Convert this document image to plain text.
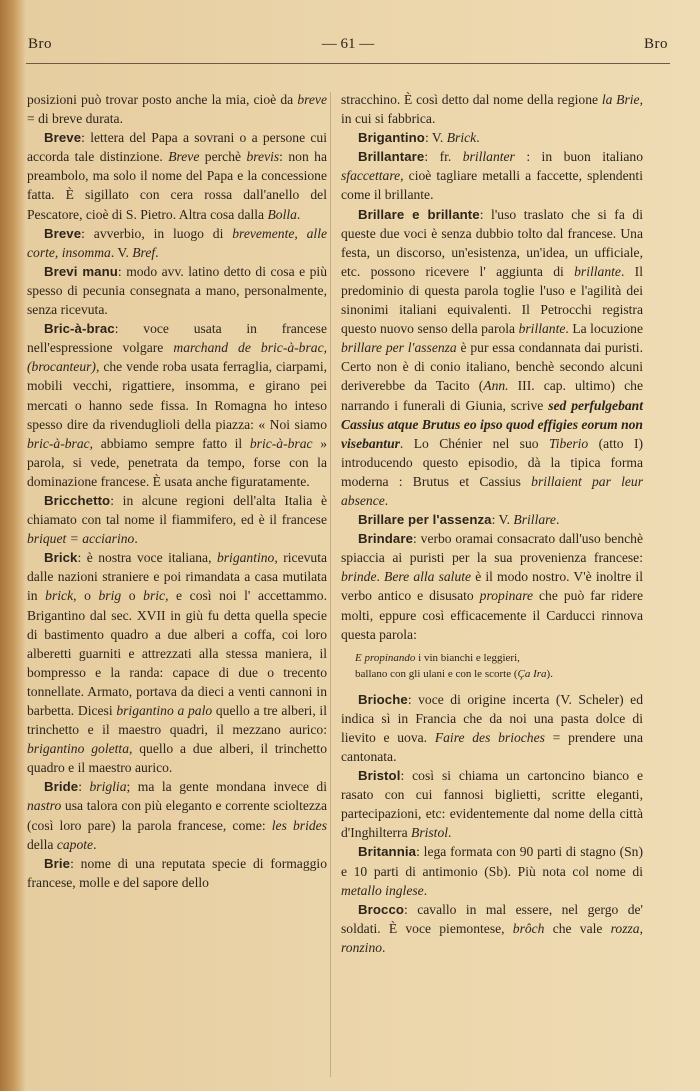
Bro	— 61 —	Bro

posizioni può trovar posto anche la mia, cioè da breve = di breve durata.

Breve: lettera del Papa a sovrani o a persone cui accorda tale distinzione. Breve perchè brevis: non ha preambolo, ma solo il nome del Papa e la concessione fatta. È sigillato con cera rossa dall'anello del Pescatore, cioè di S. Pietro. Altra cosa dalla Bolla.

Breve: avverbio, in luogo di brevemente, alle corte, insomma. V. Bref.

Brevi manu: modo avv. latino detto di cosa e più spesso di pecunia consegnata a mano, personalmente, senza ricevuta.

Bric-à-brac: voce usata in francese nell'espressione volgare marchand de bric-à-brac, (brocanteur), che vende roba usata ferraglia, ciarpami, mobili vecchi, rigattiere, insomma, e girano pei mercati o hanno sede fissa. In Romagna ho inteso spesso dire da rivenduglioli della piazza: « Noi siamo bric-à-brac, abbiamo sempre fatto il bric-à-brac » parola, si vede, penetrata da tempo, forse con la dominazione francese. È usata anche figuratamente.

Bricchetto: in alcune regioni dell'alta Italia è chiamato con tal nome il fiammifero, ed è il francese briquet = acciarino.

Brick: è nostra voce italiana, brigantino, ricevuta dalle nazioni straniere e poi rimandata a casa mutilata in brick, o brig o bric, e così noi l' accettammo. Brigantino dal sec. XVII in giù fu detta quella specie di bastimento quadro a due alberi a coffa, coi loro alberetti guarniti e attrezzati alla stessa maniera, il bompresso e la randa: capace di due o trecento tonnellate. Armato, portava da dieci a venti cannoni in barbetta. Dicesi brigantino a palo quello a tre alberi, il trinchetto e il maestro quadri, il mezzano aurico: brigantino goletta, quello a due alberi, il trinchetto quadro e il maestro aurico.

Bride: briglia; ma la gente mondana invece di nastro usa talora con più eleganto e corrente scioltezza (così loro pare) la parola francese, come: les brides della capote.

Brie: nome di una reputata specie di formaggio francese, molle e del sapore dello

stracchino. È così detto dal nome della regione la Brie, in cui si fabbrica.

Brigantino: V. Brick.

Brillantare: fr. brillanter : in buon italiano sfaccettare, cioè tagliare metalli a faccette, splendenti come il brillante.

Brillare e brillante: l'uso traslato che si fa di queste due voci è senza dubbio tolto dal francese. Una festa, un discorso, un'esistenza, un'idea, un ufficiale, etc. possono ricevere l' aggiunta di brillante. Il predominio di questa parola toglie l'uso e l'agilità dei sinonimi italiani equivalenti. Il Petrocchi registra questo nuovo senso della parola brillante. La locuzione brillare per l'assenza è pur essa condannata dai puristi. Certo non è di conio italiano, benchè secondo alcuni deriverebbe da Tacito (Ann. III. cap. ultimo) che narrando i funerali di Giunia, scrive sed perfulgebant Cassius atque Brutus eo ipso quod effigies eorum non visebantur. Lo Chénier nel suo Tiberio (atto I) introducendo questo episodio, dà la tipica forma moderna : Brutus et Cassius brillaient par leur absence.

Brillare per l'assenza: V. Brillare.

Brindare: verbo oramai consacrato dall'uso benchè spiaccia ai puristi per la sua provenienza francese: brinde. Bere alla salute è il modo nostro. V'è inoltre il verbo antico e disusato propinare che può far ridere molti, eppure così efficacemente il Carducci rinnova questa parola:

E propinando i vin bianchi e leggieri,

ballano con gli ulani e con le scorte (Ça Ira).

Brioche: voce di origine incerta (V. Scheler) ed indica sì in Francia che da noi una pasta dolce di lievito e uova. Faire des brioches = prendere una cantonata.

Bristol: così si chiama un cartoncino bianco e rasato con cui fannosi biglietti, scritte eleganti, partecipazioni, etc: evidentemente dal nome della città d'Inghilterra Bristol.

Britannia: lega formata con 90 parti di stagno (Sn) e 10 parti di antimonio (Sb). Più nota col nome di metallo inglese.

Brocco: cavallo in mal essere, nel gergo de' soldati. È voce piemontese, brôch che vale rozza, ronzino.
